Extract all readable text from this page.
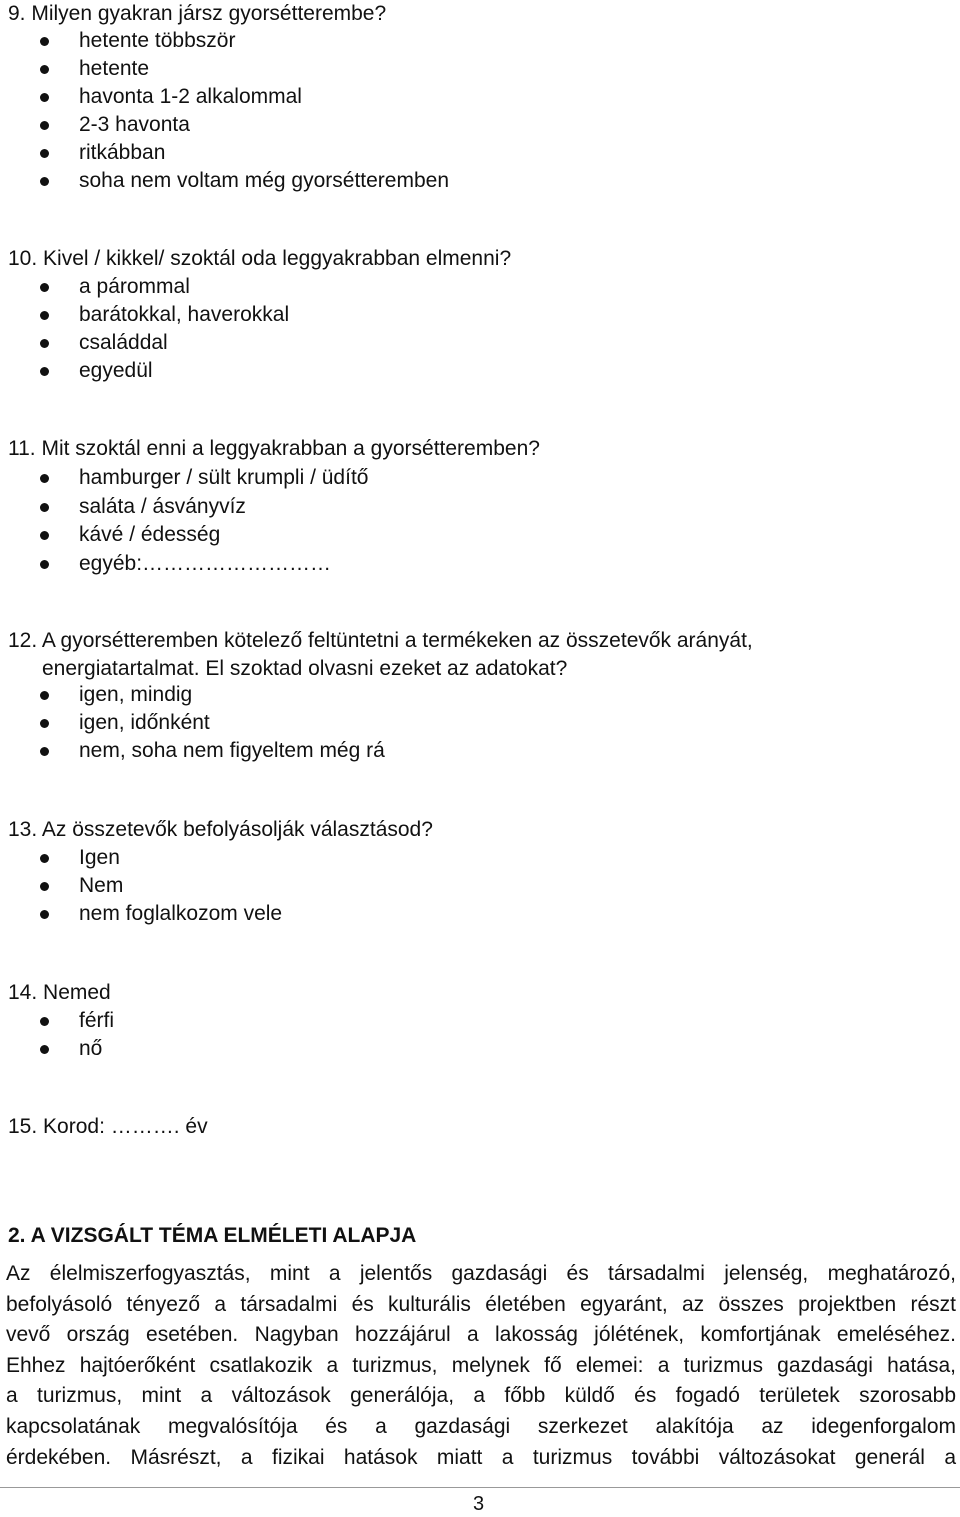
9. Milyen gyakran jársz gyorsétterembe?
hetente többször
hetente
havonta 1-2 alkalommal
2-3 havonta
ritkábban
soha nem voltam még gyorsétteremben
10. Kivel / kikkel/ szoktál oda leggyakrabban elmenni?
a párommal
barátokkal, haverokkal
családdal
egyedül
11. Mit szoktál enni a leggyakrabban a gyorsétteremben?
hamburger / sült krumpli / üdítő
saláta / ásványvíz
kávé / édesség
egyéb:………………………
12. A gyorsétteremben kötelező feltüntetni a termékeken az összetevők arányát,
energiatartalmat. El szoktad olvasni ezeket az adatokat?
igen, mindig
igen, időnként
nem, soha nem figyeltem még rá
13. Az összetevők befolyásolják választásod?
Igen
Nem
nem foglalkozom vele
14. Nemed
férfi
nő
15. Korod: ………. év
2. A VIZSGÁLT TÉMA ELMÉLETI ALAPJA
Az élelmiszerfogyasztás, mint a jelentős gazdasági és társadalmi jelenség, meghatározó,
befolyásoló tényező a társadalmi és kulturális életében egyaránt, az összes projektben részt
vevő ország esetében. Nagyban hozzájárul a lakosság jólétének, komfortjának emeléséhez.
Ehhez hajtóerőként csatlakozik a turizmus, melynek fő elemei: a turizmus gazdasági hatása,
a turizmus, mint a változások generálója, a főbb küldő és fogadó területek szorosabb
kapcsolatának megvalósítója és a gazdasági szerkezet alakítója az idegenforgalom
érdekében. Másrészt, a fizikai hatások miatt a turizmus további változásokat generál a
3
